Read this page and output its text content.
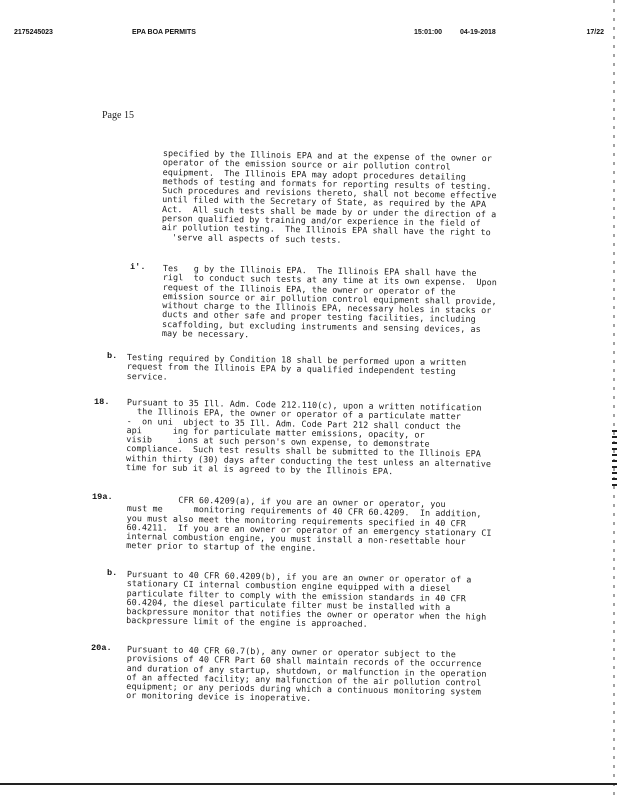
2175245023	EPA BOA PERMITS	15:01:00	04-19-2018	17/22
Page 15
specified by the Illinois EPA and at the expense of the owner or
operator of the emission source or air pollution control
equipment.  The Illinois EPA may adopt procedures detailing
methods of testing and formats for reporting results of testing.
Such procedures and revisions thereto, shall not become effective
until filed with the Secretary of State, as required by the APA
Act.  All such tests shall be made by or under the direction of a
person qualified by training and/or experience in the field of
air pollution testing.  The Illinois EPA shall have the right to
'serve all aspects of such tests.
i'. Tes   g by the Illinois EPA.  The Illinois EPA shall have the
rigl  to conduct such tests at any time at its own expense.  Upon
request of the Illinois EPA, the owner or operator of the
emission source or air pollution control equipment shall provide,
without charge to the Illinois EPA, necessary holes in stacks or
ducts and other safe and proper testing facilities, including
scaffolding, but excluding instruments and sensing devices, as
may be necessary.
b. Testing required by Condition 18 shall be performed upon a written
request from the Illinois EPA by a qualified independent testing
service.
18. Pursuant to 35 Ill. Adm. Code 212.110(c), upon a written notification
the Illinois EPA, the owner or operator of a particulate matter
-  on uni  ubject to 35 Ill. Adm. Code Part 212 shall conduct the
api      ing for particulate matter emissions, opacity, or
visib     ions at such person's own expense, to demonstrate
compliance.  Such test results shall be submitted to the Illinois EPA
within thirty (30) days after conducting the test unless an alternative
time for sub it al is agreed to by the Illinois EPA.
19a. CFR 60.4209(a), if you are an owner or operator, you
must me      monitoring requirements of 40 CFR 60.4209.  In addition,
you must also meet the monitoring requirements specified in 40 CFR
60.4211.  If you are an owner or operator of an emergency stationary CI
internal combustion engine, you must install a non-resettable hour
meter prior to startup of the engine.
b. Pursuant to 40 CFR 60.4209(b), if you are an owner or operator of a
stationary CI internal combustion engine equipped with a diesel
particulate filter to comply with the emission standards in 40 CFR
60.4204, the diesel particulate filter must be installed with a
backpressure monitor that notifies the owner or operator when the high
backpressure limit of the engine is approached.
20a. Pursuant to 40 CFR 60.7(b), any owner or operator subject to the
provisions of 40 CFR Part 60 shall maintain records of the occurrence
and duration of any startup, shutdown, or malfunction in the operation
of an affected facility; any malfunction of the air pollution control
equipment; or any periods during which a continuous monitoring system
or monitoring device is inoperative.
